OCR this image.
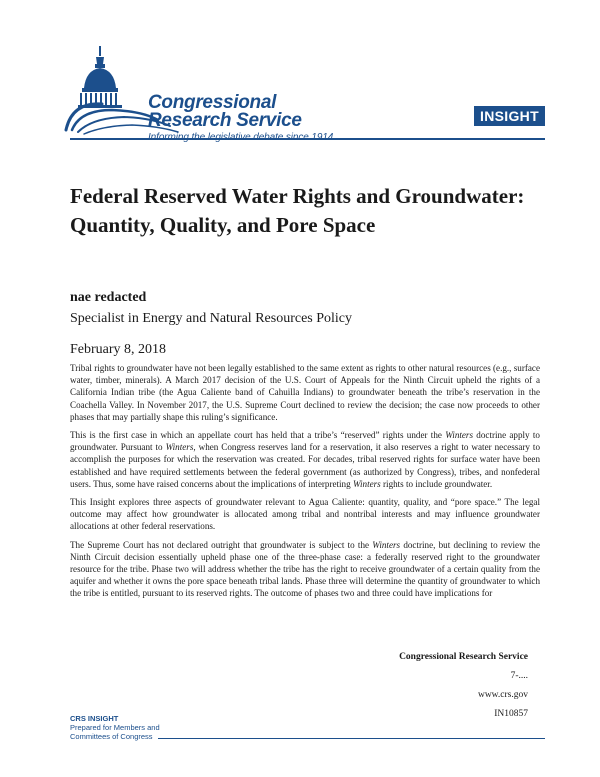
Congressional
Research Service	INSIGHT
Federal Reserved Water Rights and Groundwater: Quantity, Quality, and Pore Space
nae redacted
Specialist in Energy and Natural Resources Policy
February 8, 2018

Tribal rights to groundwater have not been legally established to the same extent as rights to other natural resources (e.g., surface water, timber, minerals). A March 2017 decision of the U.S. Court of Appeals for the Ninth Circuit upheld the rights of a California Indian tribe (the Agua Caliente band of Cahuilla Indians) to groundwater beneath the tribe’s reservation in the Coachella Valley. In November 2017, the U.S. Supreme Court declined to review the decision; the case now proceeds to other phases that may partially shape this ruling’s significance.

This is the first case in which an appellate court has held that a tribe’s “reserved” rights under the Winters doctrine apply to groundwater. Pursuant to Winters, when Congress reserves land for a reservation, it also reserves a right to water necessary to accomplish the purposes for which the reservation was created. For decades, tribal reserved rights for surface water have been established and have required settlements between the federal government (as authorized by Congress), tribes, and nonfederal users. Thus, some have raised concerns about the implications of interpreting Winters rights to include groundwater.

This Insight explores three aspects of groundwater relevant to Agua Caliente: quantity, quality, and “pore space.” The legal outcome may affect how groundwater is allocated among tribal and nontribal interests and may influence groundwater allocations at other federal reservations.

The Supreme Court has not declared outright that groundwater is subject to the Winters doctrine, but declining to review the Ninth Circuit decision essentially upheld phase one of the three-phase case: a federally reserved right to the groundwater resource for the tribe. Phase two will address whether the tribe has the right to receive groundwater of a certain quality from the aquifer and whether it owns the pore space beneath tribal lands. Phase three will determine the quantity of groundwater to which the tribe is entitled, pursuant to its reserved rights. The outcome of phases two and three could have implications for

Congressional Research Service
7-....
www.crs.gov
IN10857
CRS INSIGHT
Prepared for Members and
Committees of Congress
